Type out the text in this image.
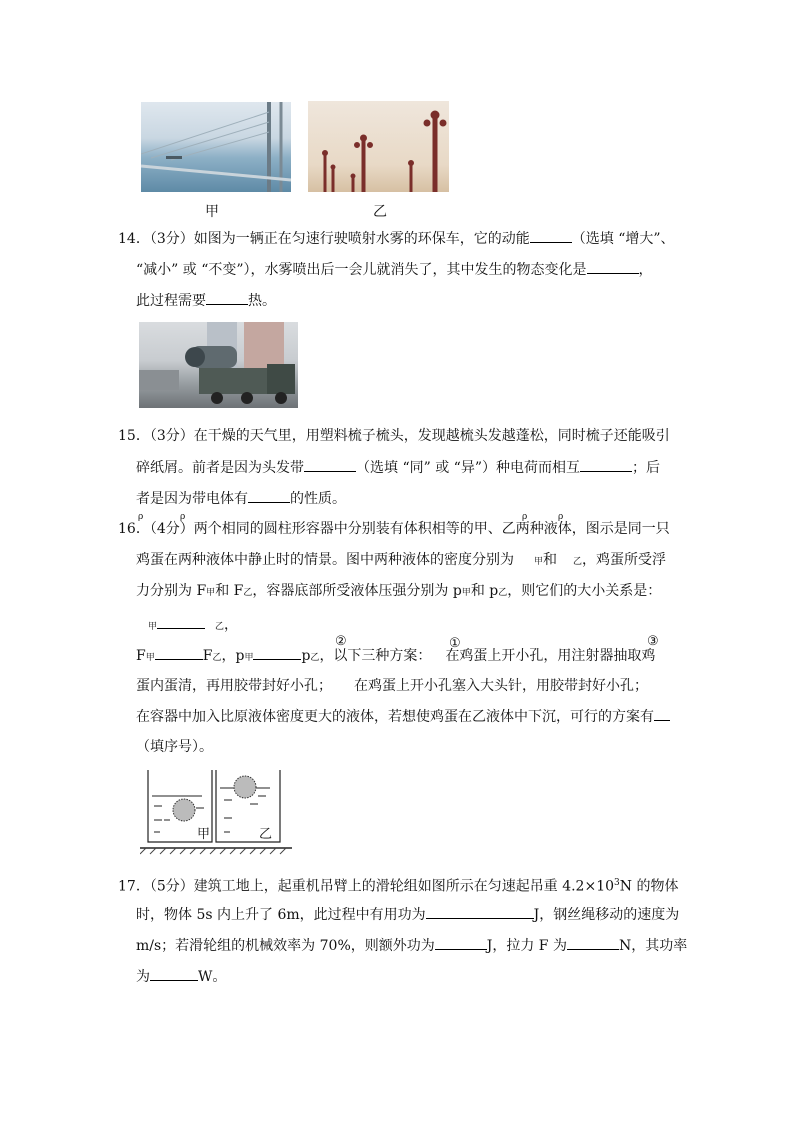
甲	乙
14．（3分）如图为一辆正在匀速行驶喷射水雾的环保车，它的动能	（选填 “增大”、
“减小” 或 “不变”），水雾喷出后一会儿就消失了，其中发生的物态变化是	，
此过程需要	热。
15．（3分）在干燥的天气里，用塑料梳子梳头，发现越梳头发越蓬松，同时梳子还能吸引
碎纸屑。前者是因为头发带	（选填 “同” 或 “异”）种电荷而相互	；后
者是因为带电体有	的性质。
ρ	ρ	ρ	ρ
16．（4分）两个相同的圆柱形容器中分别装有体积相等的甲、乙两种液体，图示是同一只
鸡蛋在两种液体中静止时的情景。图中两种液体的密度分别为 甲和 乙，鸡蛋所受浮
力分别为 F甲和 F乙，容器底部所受液体压强分别为 p甲和 p乙，则它们的大小关系是：
甲	乙，
②	①	③
F甲	F乙，p甲	p乙，以下三种方案： 在鸡蛋上开小孔，用注射器抽取鸡
蛋内蛋清，再用胶带封好小孔； 在鸡蛋上开小孔塞入大头针，用胶带封好小孔；
在容器中加入比原液体密度更大的液体，若想使鸡蛋在乙液体中下沉，可行的方案有
（填序号）。
甲	乙
17．（5分）建筑工地上，起重机吊臂上的滑轮组如图所示在匀速起吊重 $4.2\times 10^3N$ 的物体
时，物体 5s 内上升了 6m，此过程中有用功为	J，钢丝绳移动的速度为
m/s；若滑轮组的机械效率为 70%，则额外功为	J，拉力 F 为	N，其功率
为	W。
